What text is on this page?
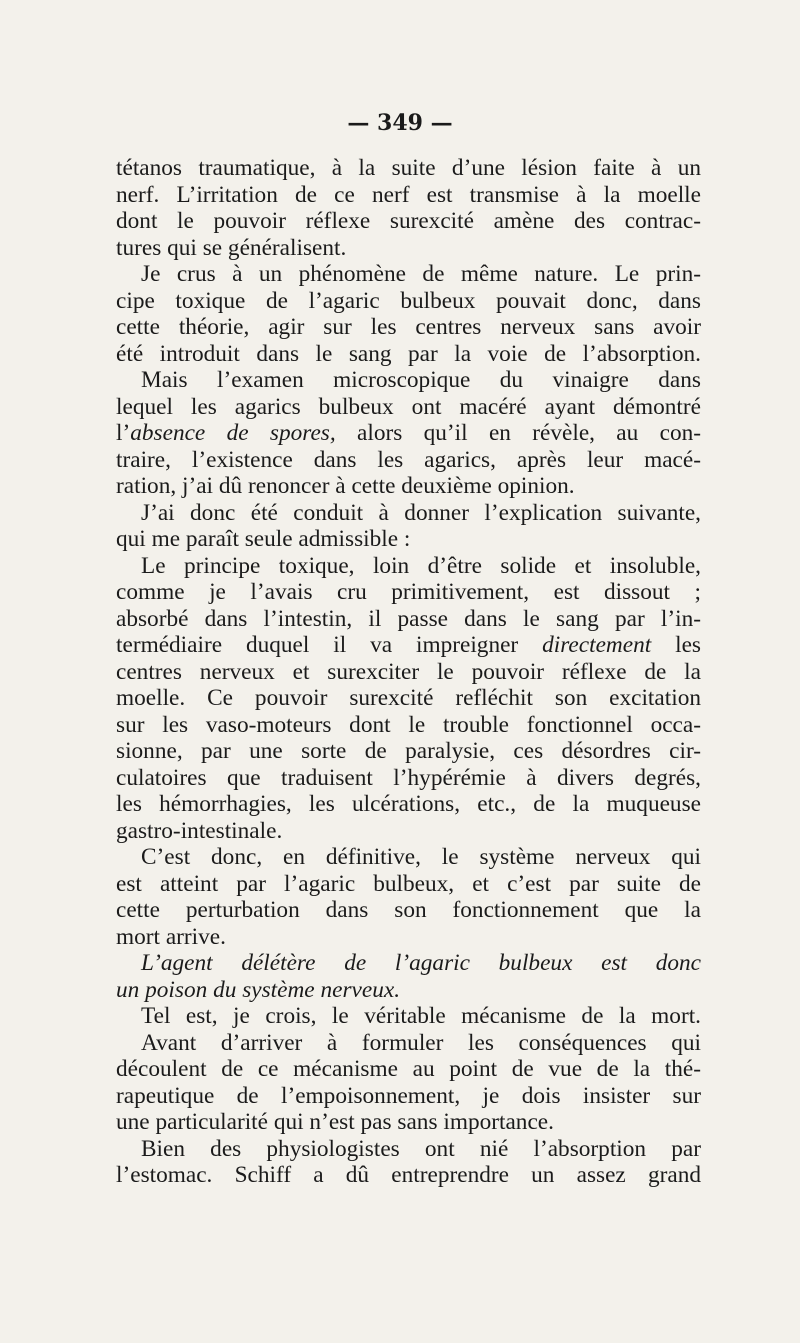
— 349 —
tétanos traumatique, à la suite d’une lésion faite à un
nerf. L’irritation de ce nerf est transmise à la moelle
dont le pouvoir réflexe surexcité amène des contrac-
tures qui se généralisent.
Je crus à un phénomène de même nature. Le prin-
cipe toxique de l’agaric bulbeux pouvait donc, dans
cette théorie, agir sur les centres nerveux sans avoir
été introduit dans le sang par la voie de l’absorption.
Mais l’examen microscopique du vinaigre dans
lequel les agarics bulbeux ont macéré ayant démontré
l’absence de spores, alors qu’il en révèle, au con-
traire, l’existence dans les agarics, après leur macé-
ration, j’ai dû renoncer à cette deuxième opinion.
J’ai donc été conduit à donner l’explication suivante,
qui me paraît seule admissible :
Le principe toxique, loin d’être solide et insoluble,
comme je l’avais cru primitivement, est dissout ;
absorbé dans l’intestin, il passe dans le sang par l’in-
termédiaire duquel il va impreigner directement les
centres nerveux et surexciter le pouvoir réflexe de la
moelle. Ce pouvoir surexcité refléchit son excitation
sur les vaso-moteurs dont le trouble fonctionnel occa-
sionne, par une sorte de paralysie, ces désordres cir-
culatoires que traduisent l’hypérémie à divers degrés,
les hémorrhagies, les ulcérations, etc., de la muqueuse
gastro-intestinale.
C’est donc, en définitive, le système nerveux qui
est atteint par l’agaric bulbeux, et c’est par suite de
cette perturbation dans son fonctionnement que la
mort arrive.
L’agent délétère de l’agaric bulbeux est donc
un poison du système nerveux.
Tel est, je crois, le véritable mécanisme de la mort.
Avant d’arriver à formuler les conséquences qui
découlent de ce mécanisme au point de vue de la thé-
rapeutique de l’empoisonnement, je dois insister sur
une particularité qui n’est pas sans importance.
Bien des physiologistes ont nié l’absorption par
l’estomac. Schiff a dû entreprendre un assez grand
